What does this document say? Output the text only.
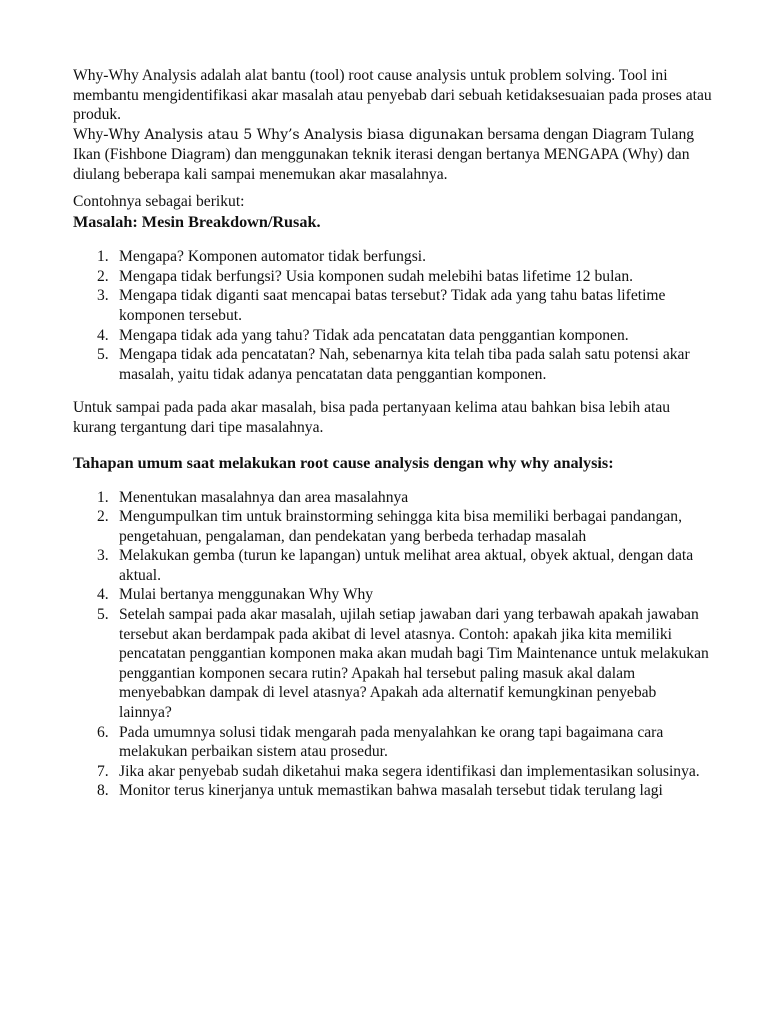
Why-Why Analysis adalah alat bantu (tool) root cause analysis untuk problem solving. Tool ini membantu mengidentifikasi akar masalah atau penyebab dari sebuah ketidaksesuaian pada proses atau produk.

Why-Why Analysis atau 5 Why’s Analysis biasa digunakan bersama dengan Diagram Tulang Ikan (Fishbone Diagram) dan menggunakan teknik iterasi dengan bertanya MENGAPA (Why) dan diulang beberapa kali sampai menemukan akar masalahnya.

Contohnya sebagai berikut:

Masalah: Mesin Breakdown/Rusak.

1. Mengapa? Komponen automator tidak berfungsi.
2. Mengapa tidak berfungsi? Usia komponen sudah melebihi batas lifetime 12 bulan.
3. Mengapa tidak diganti saat mencapai batas tersebut? Tidak ada yang tahu batas lifetime komponen tersebut.
4. Mengapa tidak ada yang tahu? Tidak ada pencatatan data penggantian komponen.
5. Mengapa tidak ada pencatatan? Nah, sebenarnya kita telah tiba pada salah satu potensi akar masalah, yaitu tidak adanya pencatatan data penggantian komponen.

Untuk sampai pada pada akar masalah, bisa pada pertanyaan kelima atau bahkan bisa lebih atau kurang tergantung dari tipe masalahnya.

Tahapan umum saat melakukan root cause analysis dengan why why analysis:

1. Menentukan masalahnya dan area masalahnya
2. Mengumpulkan tim untuk brainstorming sehingga kita bisa memiliki berbagai pandangan, pengetahuan, pengalaman, dan pendekatan yang berbeda terhadap masalah
3. Melakukan gemba (turun ke lapangan) untuk melihat area aktual, obyek aktual, dengan data aktual.
4. Mulai bertanya menggunakan Why Why
5. Setelah sampai pada akar masalah, ujilah setiap jawaban dari yang terbawah apakah jawaban tersebut akan berdampak pada akibat di level atasnya. Contoh: apakah jika kita memiliki pencatatan penggantian komponen maka akan mudah bagi Tim Maintenance untuk melakukan penggantian komponen secara rutin? Apakah hal tersebut paling masuk akal dalam menyebabkan dampak di level atasnya? Apakah ada alternatif kemungkinan penyebab lainnya?
6. Pada umumnya solusi tidak mengarah pada menyalahkan ke orang tapi bagaimana cara melakukan perbaikan sistem atau prosedur.
7. Jika akar penyebab sudah diketahui maka segera identifikasi dan implementasikan solusinya.
8. Monitor terus kinerjanya untuk memastikan bahwa masalah tersebut tidak terulang lagi
